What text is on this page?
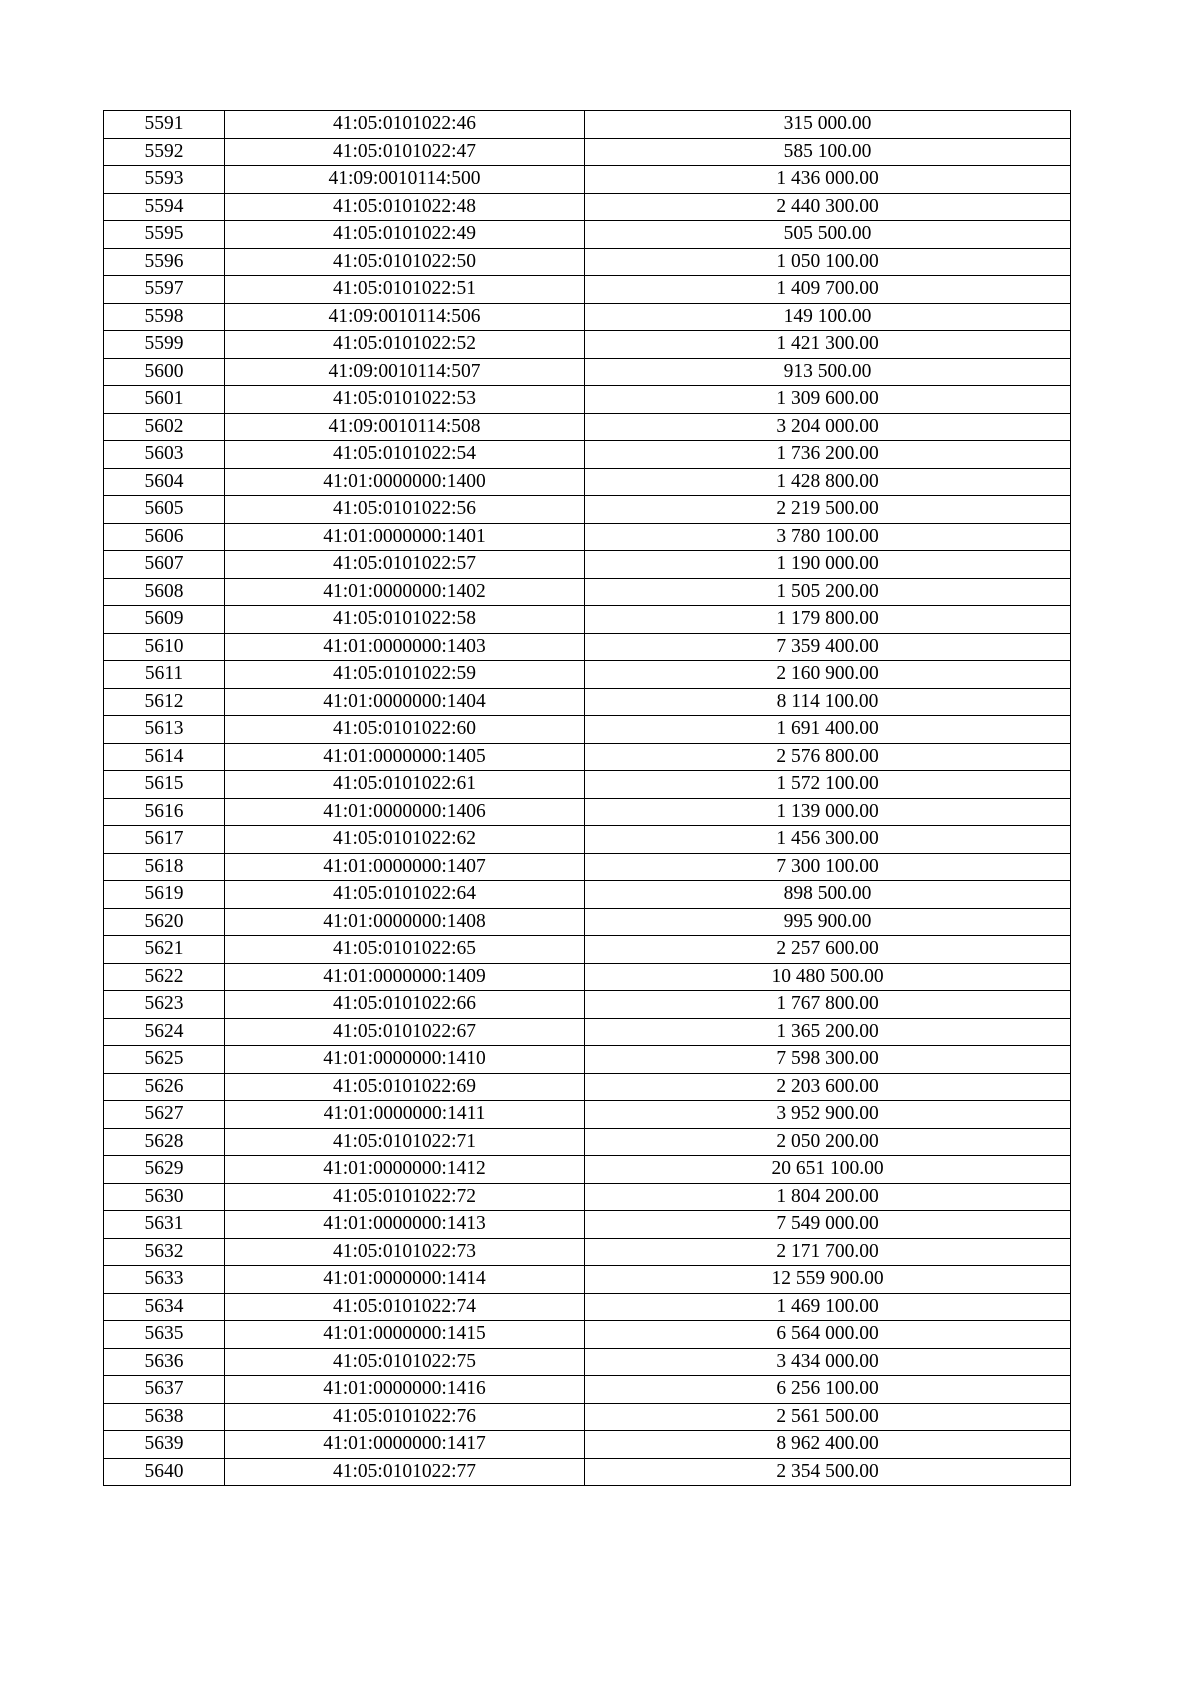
5591	41:05:0101022:46	315 000.00
5592	41:05:0101022:47	585 100.00
5593	41:09:0010114:500	1 436 000.00
5594	41:05:0101022:48	2 440 300.00
5595	41:05:0101022:49	505 500.00
5596	41:05:0101022:50	1 050 100.00
5597	41:05:0101022:51	1 409 700.00
5598	41:09:0010114:506	149 100.00
5599	41:05:0101022:52	1 421 300.00
5600	41:09:0010114:507	913 500.00
5601	41:05:0101022:53	1 309 600.00
5602	41:09:0010114:508	3 204 000.00
5603	41:05:0101022:54	1 736 200.00
5604	41:01:0000000:1400	1 428 800.00
5605	41:05:0101022:56	2 219 500.00
5606	41:01:0000000:1401	3 780 100.00
5607	41:05:0101022:57	1 190 000.00
5608	41:01:0000000:1402	1 505 200.00
5609	41:05:0101022:58	1 179 800.00
5610	41:01:0000000:1403	7 359 400.00
5611	41:05:0101022:59	2 160 900.00
5612	41:01:0000000:1404	8 114 100.00
5613	41:05:0101022:60	1 691 400.00
5614	41:01:0000000:1405	2 576 800.00
5615	41:05:0101022:61	1 572 100.00
5616	41:01:0000000:1406	1 139 000.00
5617	41:05:0101022:62	1 456 300.00
5618	41:01:0000000:1407	7 300 100.00
5619	41:05:0101022:64	898 500.00
5620	41:01:0000000:1408	995 900.00
5621	41:05:0101022:65	2 257 600.00
5622	41:01:0000000:1409	10 480 500.00
5623	41:05:0101022:66	1 767 800.00
5624	41:05:0101022:67	1 365 200.00
5625	41:01:0000000:1410	7 598 300.00
5626	41:05:0101022:69	2 203 600.00
5627	41:01:0000000:1411	3 952 900.00
5628	41:05:0101022:71	2 050 200.00
5629	41:01:0000000:1412	20 651 100.00
5630	41:05:0101022:72	1 804 200.00
5631	41:01:0000000:1413	7 549 000.00
5632	41:05:0101022:73	2 171 700.00
5633	41:01:0000000:1414	12 559 900.00
5634	41:05:0101022:74	1 469 100.00
5635	41:01:0000000:1415	6 564 000.00
5636	41:05:0101022:75	3 434 000.00
5637	41:01:0000000:1416	6 256 100.00
5638	41:05:0101022:76	2 561 500.00
5639	41:01:0000000:1417	8 962 400.00
5640	41:05:0101022:77	2 354 500.00
